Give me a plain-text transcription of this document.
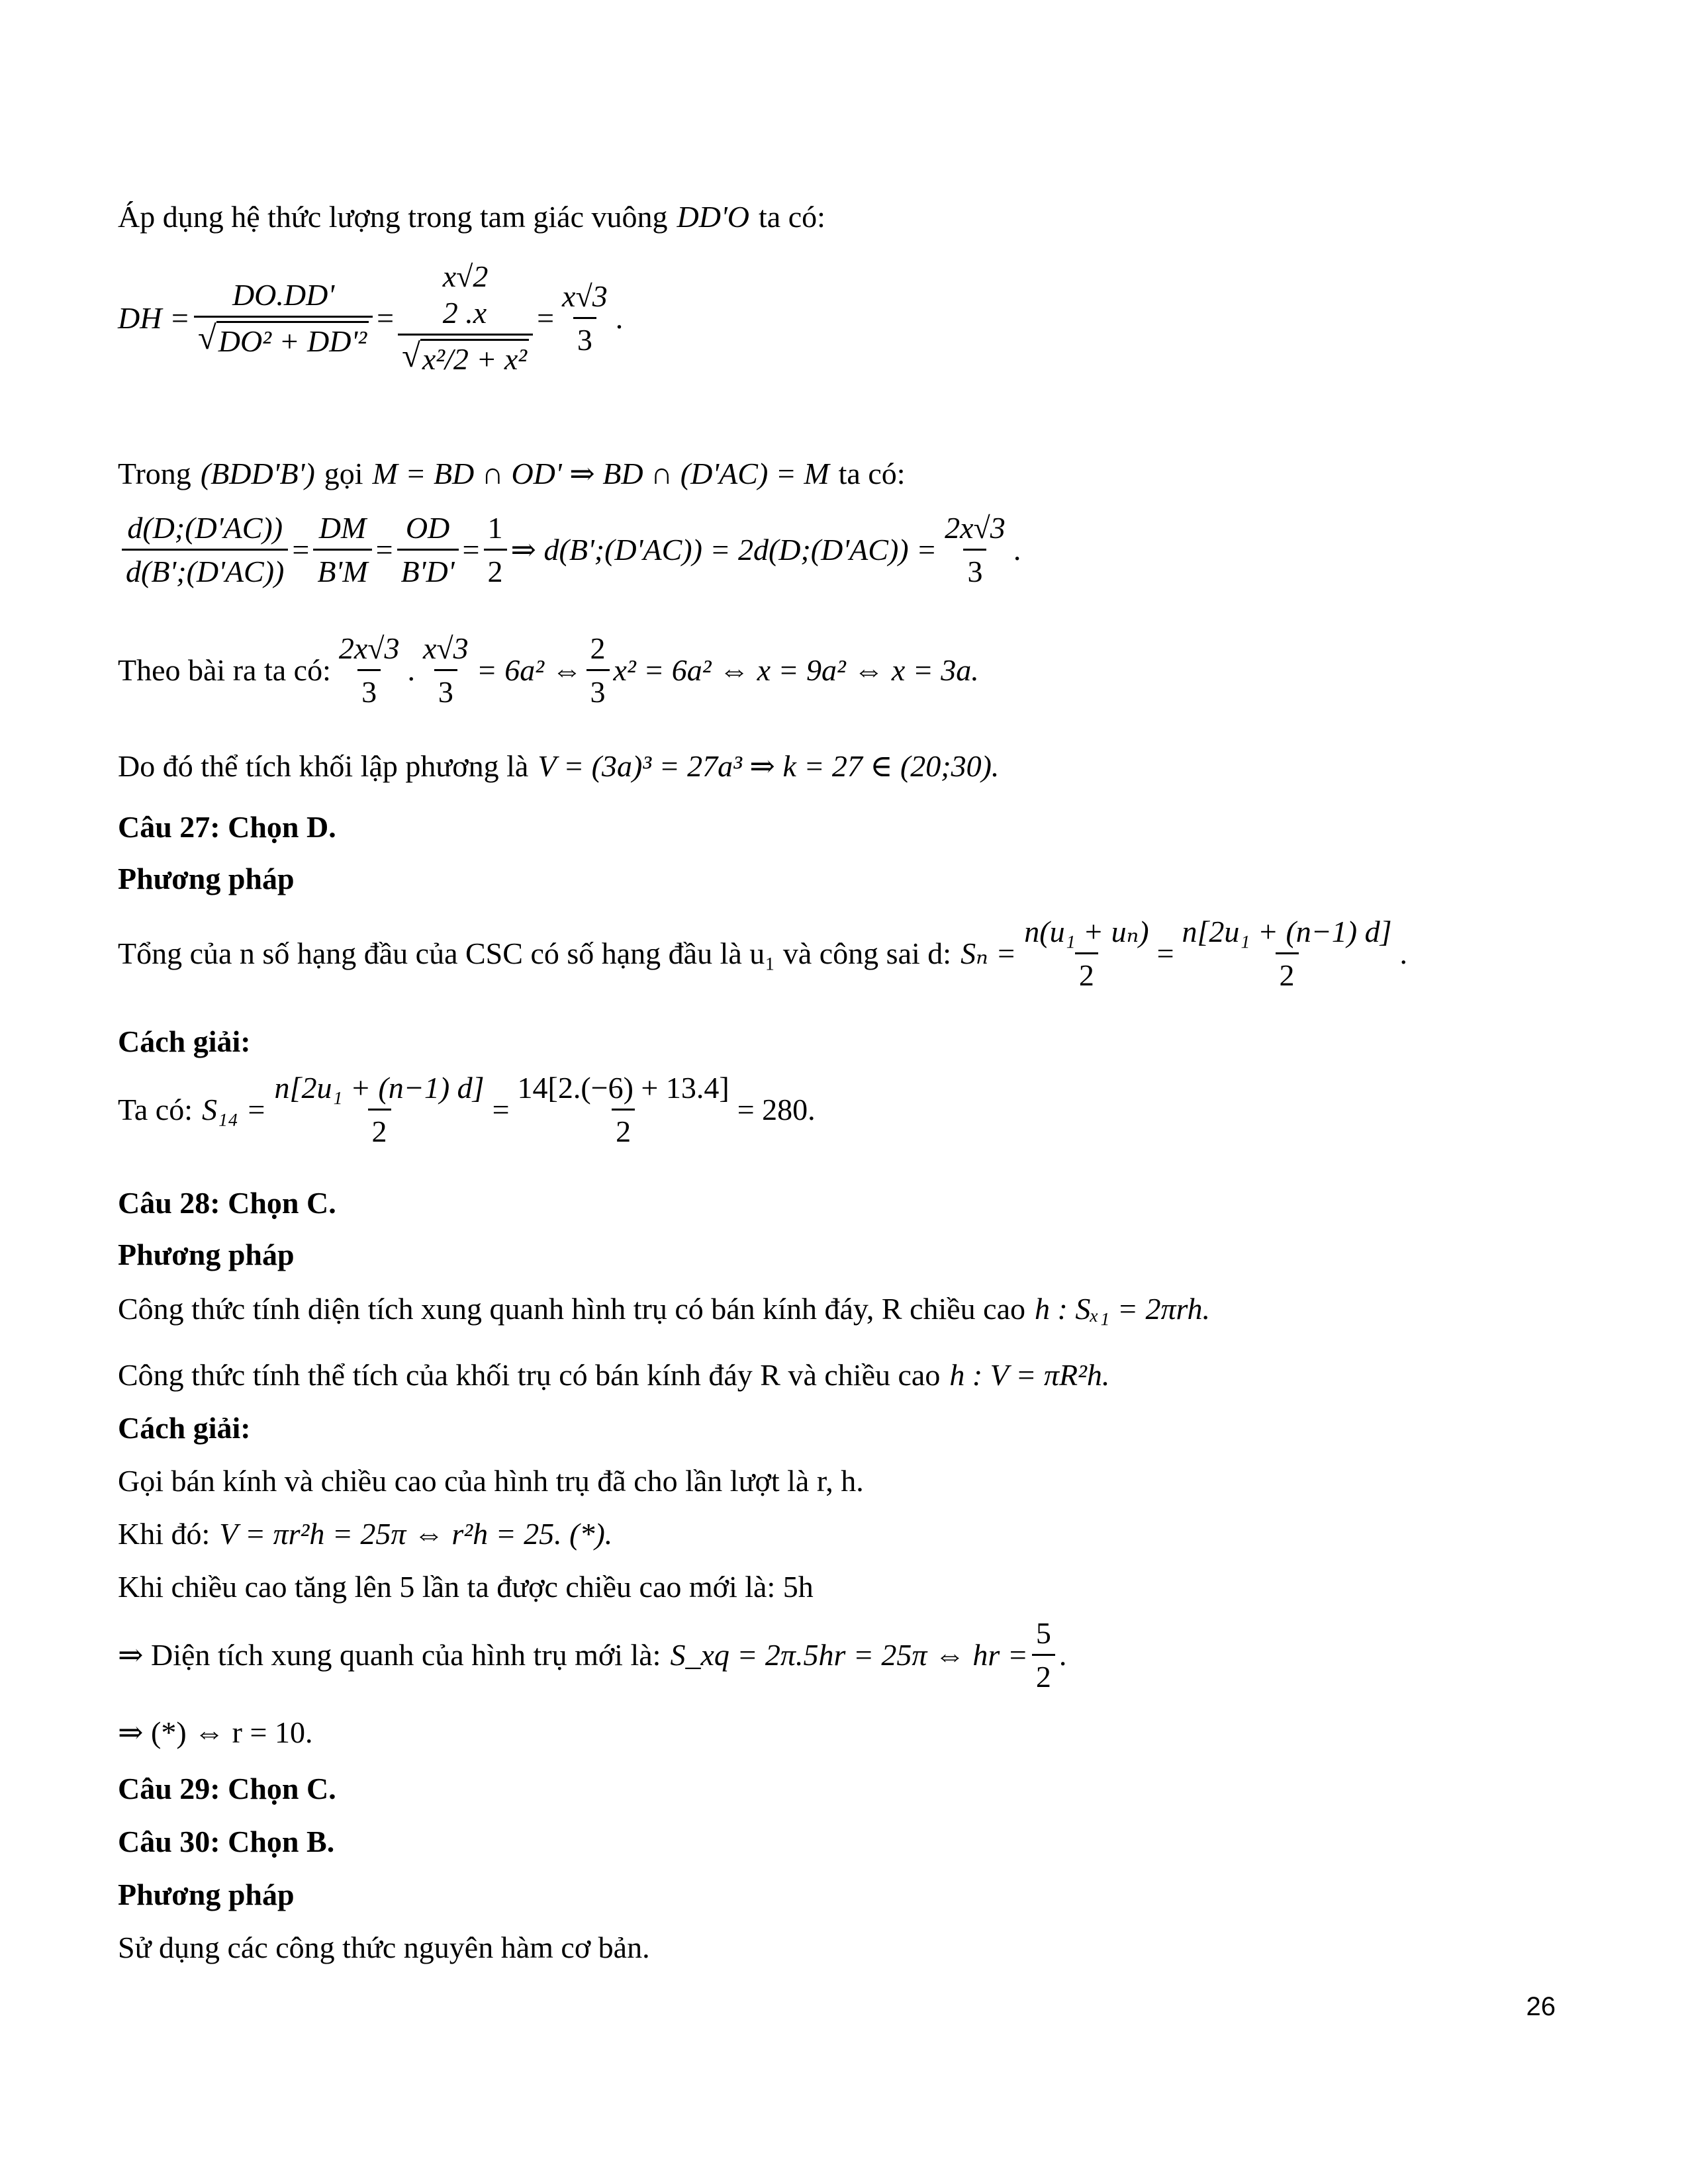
Áp dụng hệ thức lượng trong tam giác vuông DD'O ta có:
DH = $\frac{DO.DD'}{\text{√ DO² + DD'²}}$ =
x√2
2 .x
√ x²/2 + x²
= $\frac{x√3}{3}$ .
Trong (BDD'B') gọi M = BD ∩ OD' ⇒ BD ∩ (D'AC) = M ta có:
$\frac{d(D;(D'AC))}{d(B';(D'AC))} = \frac{DM}{B'M} = \frac{OD}{B'D'} = \frac{1}{2}$ ⇒ d(B';(D'AC)) = 2d(D;(D'AC)) = $\frac{2x√3}{3}$ .
Theo bài ra ta có: $\frac{2x√3}{3}$ . $\frac{x√3}{3} = 6a^2$ ⇔ $\frac{2}{3} x^2 = 6a^2$ ⇔ x = 9a² ⇔ x = 3a.
Do đó thể tích khối lập phương là V = (3a)³ = 27a³ ⇒ k = 27 ∈ (20;30).
Câu 27: Chọn D.
Phương pháp
Tổng của n số hạng đầu của CSC có số hạng đầu là u₁ và công sai d: $S_n = \frac{\text{n(u₁ + uₙ)}}{2} = \frac{\text{n[2u₁ + (n−1) d]}}{2}$ .
Cách giải:
Ta có: $S_{14} = \frac{\text{n[2u₁ + (n−1) d]}}{2} = \frac{14[2.(-6) + 13.4]}{2} = 280$.
Câu 28: Chọn C.
Phương pháp
Công thức tính diện tích xung quanh hình trụ có bán kính đáy, R chiều cao h : Sₓ₁ = 2πrh.
Công thức tính thể tích của khối trụ có bán kính đáy R và chiều cao h : V = πR²h.
Cách giải:
Gọi bán kính và chiều cao của hình trụ đã cho lần lượt là r, h.
Khi đó: V = πr²h = 25π ⇔ r²h = 25. (*).
Khi chiều cao tăng lên 5 lần ta được chiều cao mới là: 5h
⇒ Diện tích xung quanh của hình trụ mới là: S_xq = 2π.5hr = 25π ⇔ hr = $\frac{5}{2}$ .
⇒ (*) ⇔ r = 10.
Câu 29: Chọn C.
Câu 30: Chọn B.
Phương pháp
Sử dụng các công thức nguyên hàm cơ bản.
26
